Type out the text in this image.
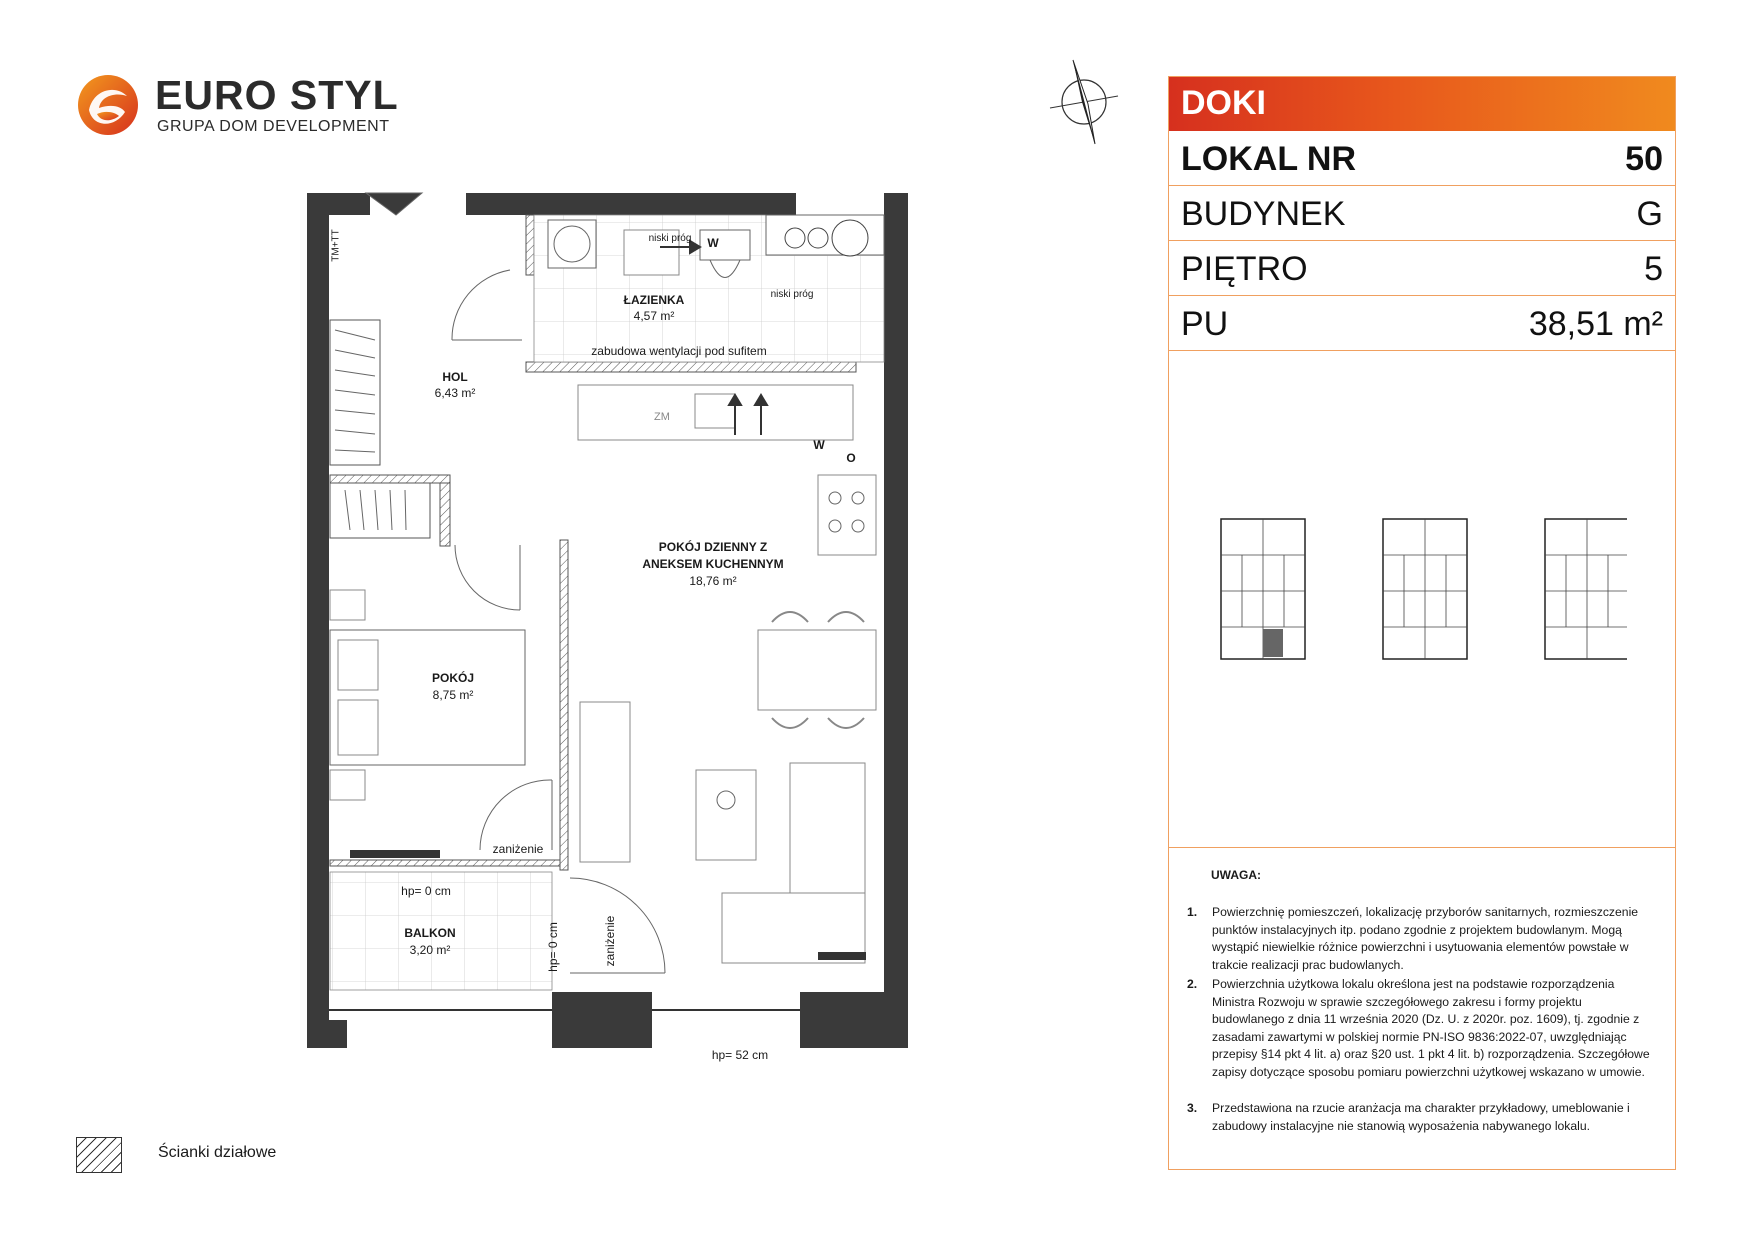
EURO STYL
GRUPA DOM DEVELOPMENT
ŁAZIENKA
4,57 m²
HOL
6,43 m²
POKÓJ DZIENNY Z
ANEKSEM KUCHENNYM
18,76 m²
POKÓJ
8,75 m²
BALKON
3,20 m²
niski próg
niski próg
zabudowa wentylacji pod sufitem
zaniżenie
hp= 0 cm
hp= 0 cm	zaniżenie
hp= 52 cm
TM+TT
ZM
W
W
O
DOKI
LOKAL NR	50
BUDYNEK	G
PIĘTRO	5
PU	38,51 m²
UWAGA:
1. Powierzchnię pomieszczeń, lokalizację przyborów sanitarnych, rozmieszczenie punktów instalacyjnych itp. podano zgodnie z projektem budowlanym. Mogą wystąpić niewielkie różnice powierzchni i usytuowania elementów powstałe w trakcie realizacji prac budowlanych.
2. Powierzchnia użytkowa lokalu określona jest na podstawie rozporządzenia Ministra Rozwoju w sprawie szczegółowego zakresu i formy projektu budowlanego z dnia 11 września 2020 (Dz. U. z 2020r. poz. 1609), tj. zgodnie z zasadami zawartymi w polskiej normie PN-ISO 9836:2022-07, uwzględniając przepisy §14 pkt 4 lit. a) oraz §20 ust. 1 pkt 4 lit. b) rozporządzenia. Szczegółowe zapisy dotyczące sposobu pomiaru powierzchni użytkowej wskazano w umowie.
3. Przedstawiona na rzucie aranżacja ma charakter przykładowy, umeblowanie i zabudowy instalacyjne nie stanowią wyposażenia nabywanego lokalu.
Ścianki działowe
